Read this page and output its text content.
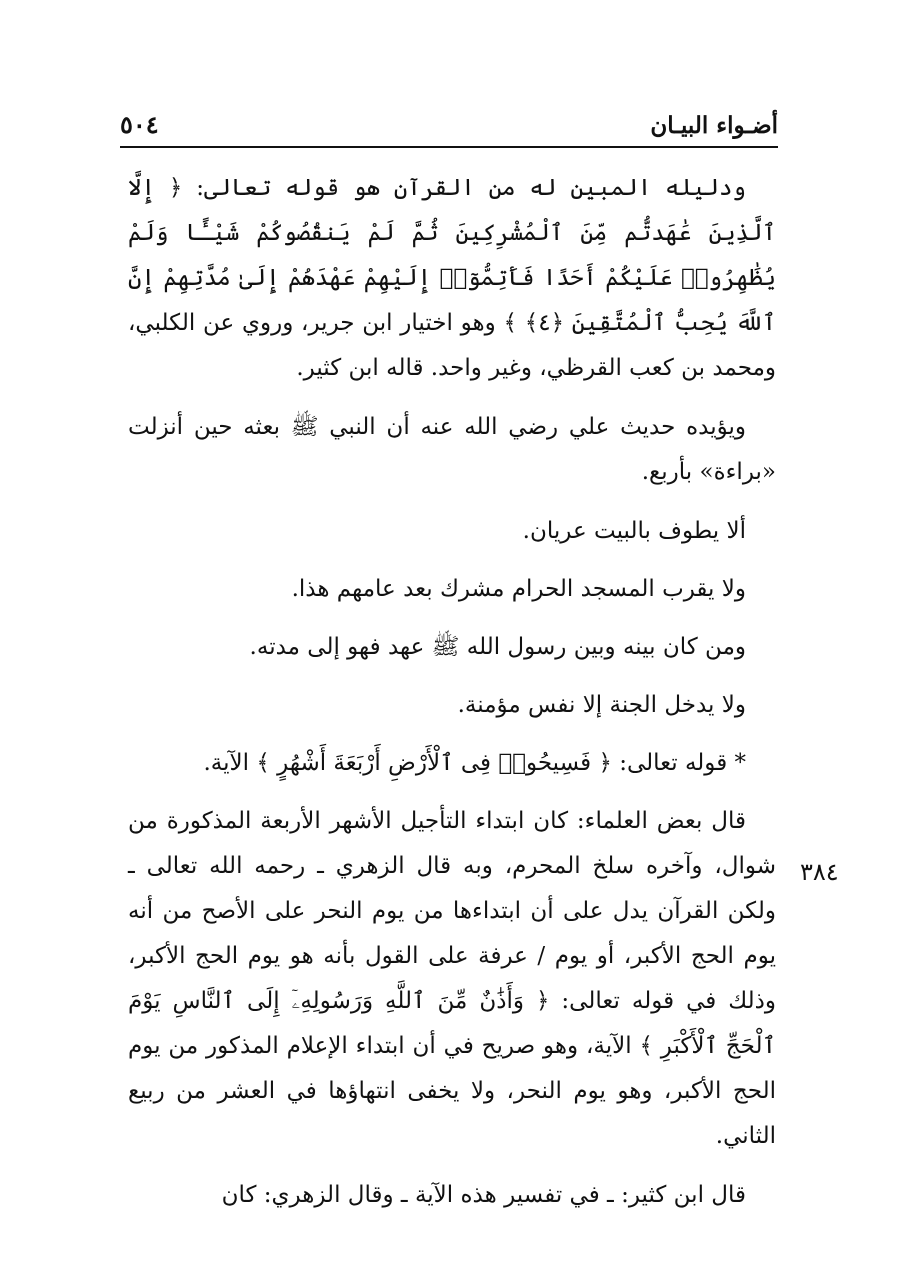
أضـواء البيـان
٥٠٤
٣٨٤

ودليله المبين له من القرآن هو قوله تعالى: ﴿ إِلَّا ٱلَّذِينَ عَٰهَدتُّم مِّنَ ٱلْمُشْرِكِينَ ثُمَّ لَمْ يَنقُصُوكُمْ شَيْـًٔا وَلَمْ يُظَٰهِرُوا۟ عَلَيْكُمْ أَحَدًا فَأَتِمُّوٓا۟ إِلَيْهِمْ عَهْدَهُمْ إِلَىٰ مُدَّتِهِمْ إِنَّ ٱللَّهَ يُحِبُّ ٱلْمُتَّقِينَ ﴿٤﴾ ﴾ وهو اختيار ابن جرير، وروي عن الكلبي، ومحمد بن كعب القرظي، وغير واحد. قاله ابن كثير.

ويؤيده حديث علي رضي الله عنه أن النبي ﷺ بعثه حين أنزلت «براءة» بأربع.

ألا يطوف بالبيت عريان.

ولا يقرب المسجد الحرام مشرك بعد عامهم هذا.

ومن كان بينه وبين رسول الله ﷺ عهد فهو إلى مدته.

ولا يدخل الجنة إلا نفس مؤمنة.

* قوله تعالى: ﴿ فَسِيحُوا۟ فِى ٱلْأَرْضِ أَرْبَعَةَ أَشْهُرٍ ﴾ الآية.

قال بعض العلماء: كان ابتداء التأجيل الأشهر الأربعة المذكورة من شوال، وآخره سلخ المحرم، وبه قال الزهري ـ رحمه الله تعالى ـ ولكن القرآن يدل على أن ابتداءها من يوم النحر على الأصح من أنه يوم الحج الأكبر، أو يوم / عرفة على القول بأنه هو يوم الحج الأكبر، وذلك في قوله تعالى: ﴿ وَأَذَٰنٌ مِّنَ ٱللَّهِ وَرَسُولِهِۦٓ إِلَى ٱلنَّاسِ يَوْمَ ٱلْحَجِّ ٱلْأَكْبَرِ ﴾ الآية، وهو صريح في أن ابتداء الإعلام المذكور من يوم الحج الأكبر، وهو يوم النحر، ولا يخفى انتهاؤها في العشر من ربيع الثاني.

قال ابن كثير: ـ في تفسير هذه الآية ـ وقال الزهري: كان
